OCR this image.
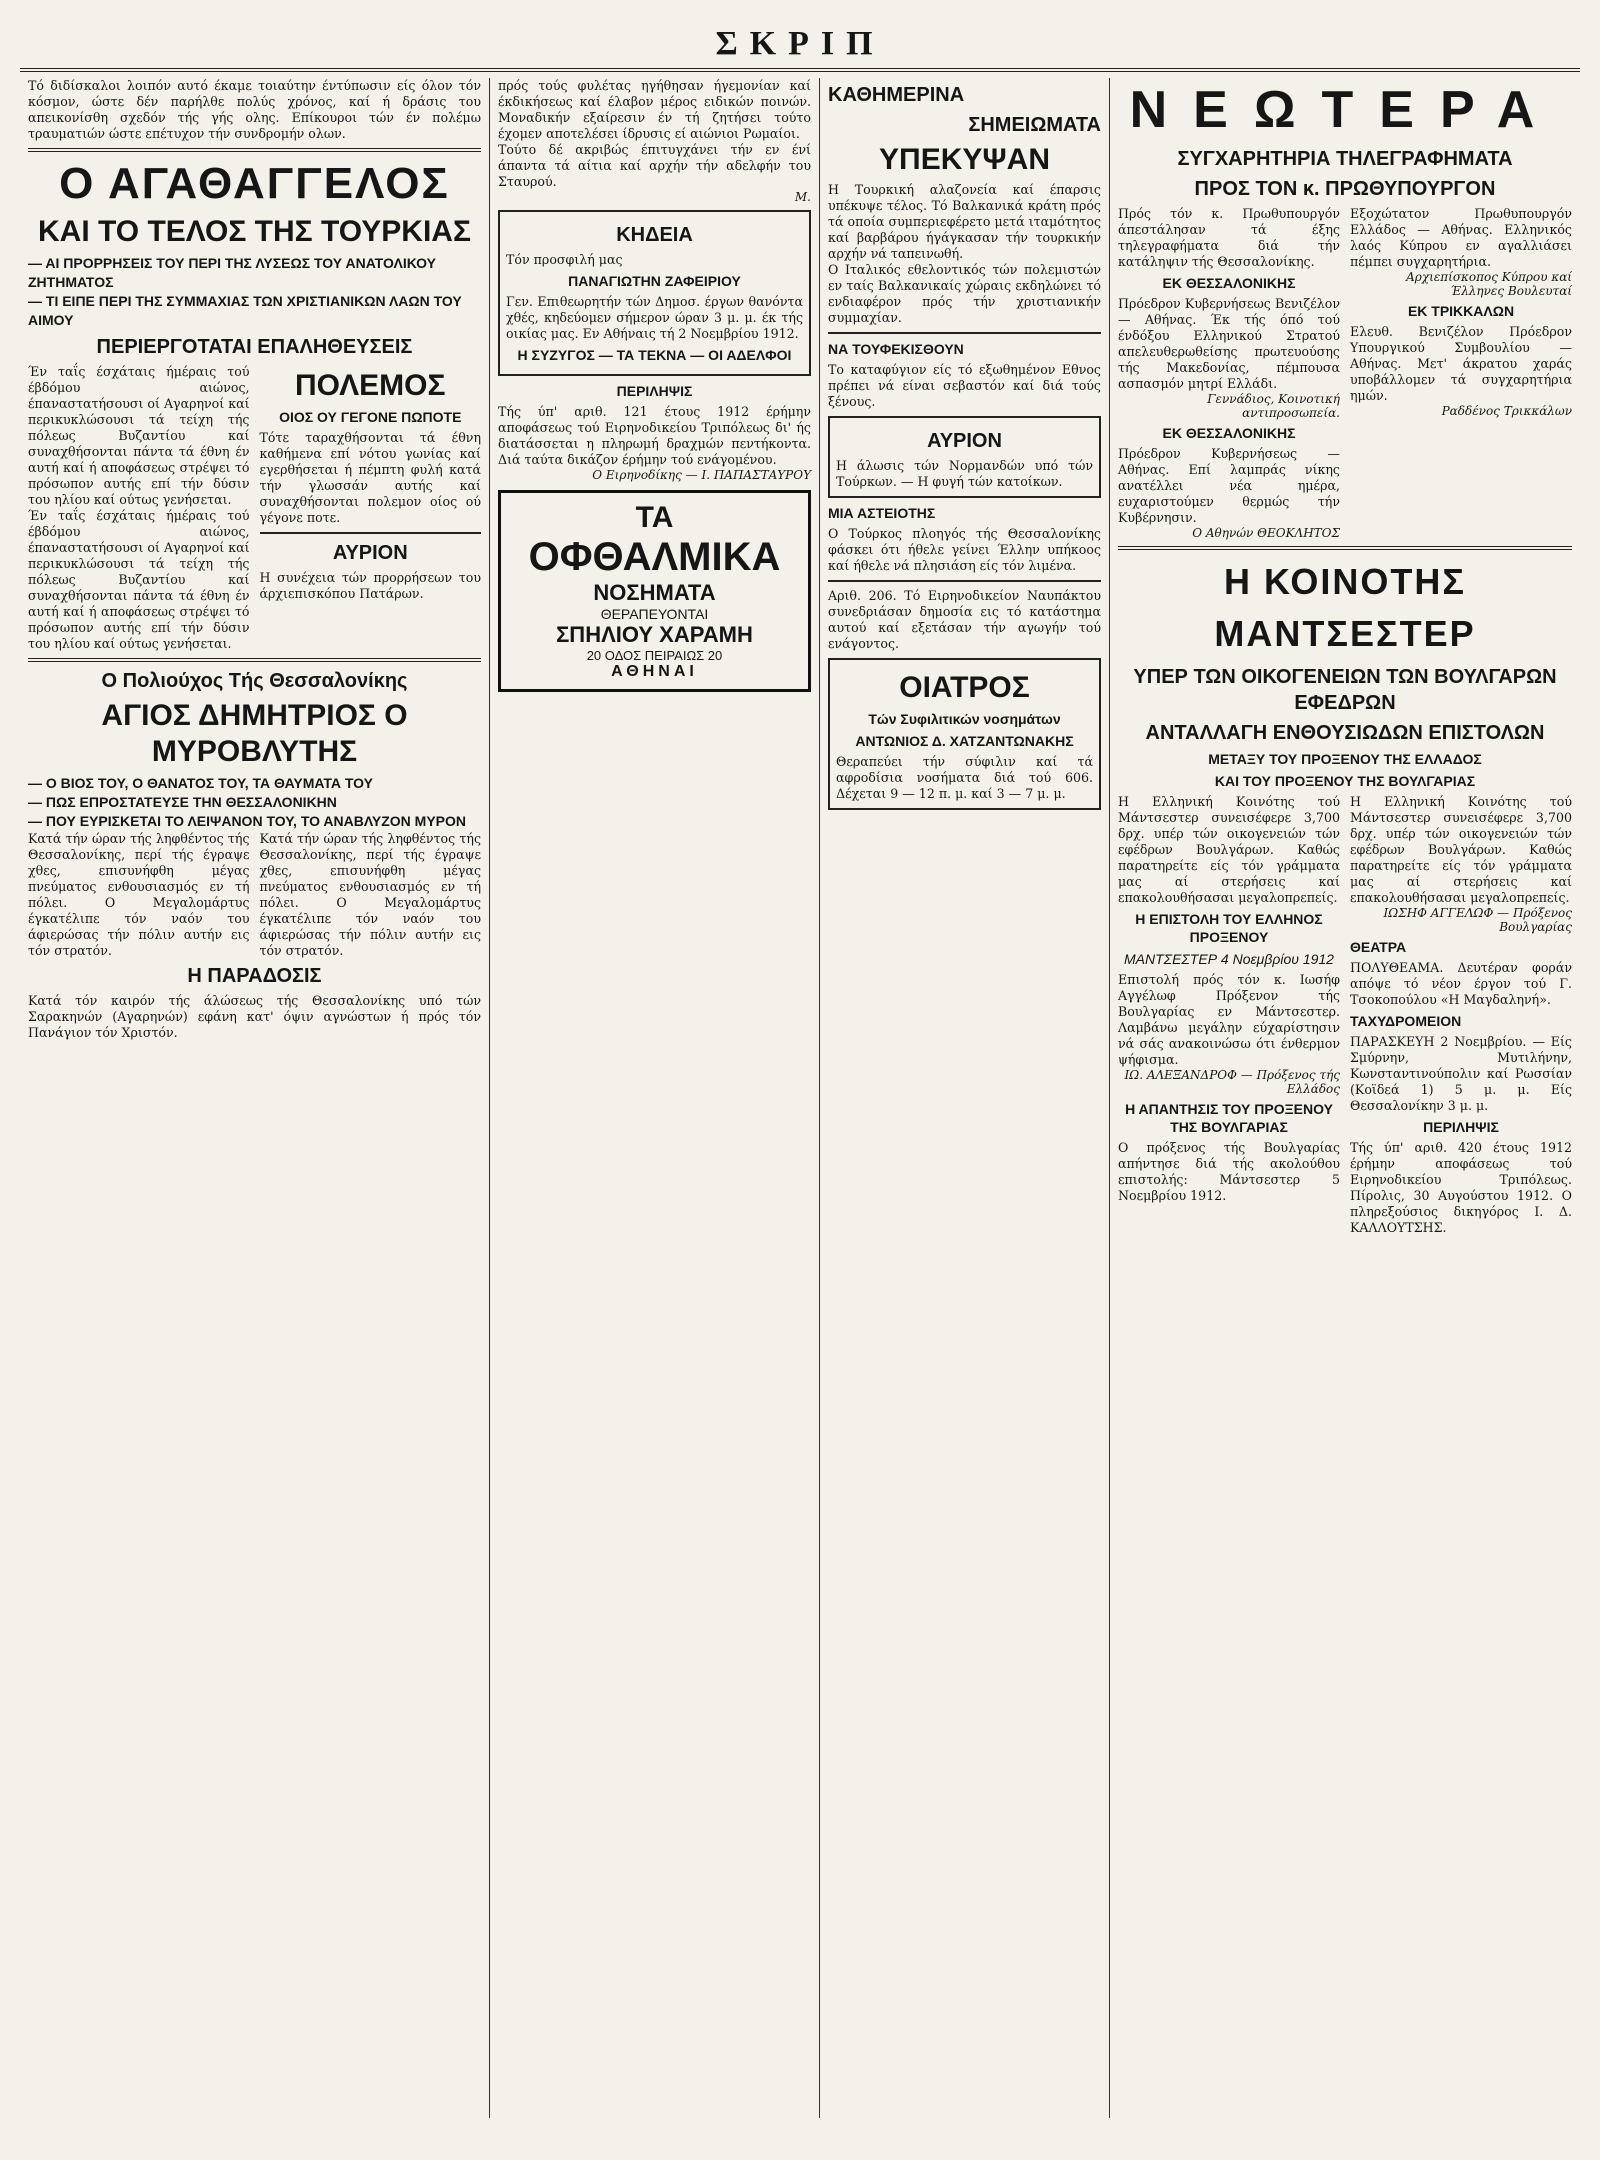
ΣΚΡΙΠ

Τό διδίσκαλοι λοιπόν αυτό έκαμε τοιαύτην έντύπωσιν είς όλον τόν κόσμον, ώστε δέν παρήλθε πολύς χρόνος, καί ή δράσις του απεικονίσθη σχεδόν τής γής ολης. Επίκουροι τών έν πολέμω τραυματιών ώστε επέτυχον τήν συνδρομήν ολων.

Ο ΑΓΑΘΑΓΓΕΛΟΣ
ΚΑΙ ΤΟ ΤΕΛΟΣ ΤΗΣ ΤΟΥΡΚΙΑΣ
— ΑΙ ΠΡΟΡΡΗΣΕΙΣ ΤΟΥ ΠΕΡΙ ΤΗΣ ΛΥΣΕΩΣ ΤΟΥ ΑΝΑΤΟΛΙΚΟΥ ΖΗΤΗΜΑΤΟΣ
— ΤΙ ΕΙΠΕ ΠΕΡΙ ΤΗΣ ΣΥΜΜΑΧΙΑΣ ΤΩΝ ΧΡΙΣΤΙΑΝΙΚΩΝ ΛΑΩΝ ΤΟΥ ΑΙΜΟΥ
ΠΕΡΙΕΡΓΟΤΑΤΑΙ ΕΠΑΛΗΘΕΥΣΕΙΣ

Έν ταΐς έσχάταις ήμέραις τού έβδόμου αιώνος, έπαναστατήσουσι οί Αγαρηνοί καί περικυκλώσουσι τά τείχη τής πόλεως Βυζαντίου καί συναχθήσονται πάντα τά έθνη έν αυτή καί ή αποφάσεως στρέψει τό πρόσωπον αυτής επί τήν δύσιν του ηλίου καί ούτως γενήσεται.

Έν ταΐς έσχάταις ήμέραις τού έβδόμου αιώνος, έπαναστατήσουσι οί Αγαρηνοί καί περικυκλώσουσι τά τείχη τής πόλεως Βυζαντίου καί συναχθήσονται πάντα τά έθνη έν αυτή καί ή αποφάσεως στρέψει τό πρόσωπον αυτής επί τήν δύσιν του ηλίου καί ούτως γενήσεται.

ΠΟΛΕΜΟΣ
ΟΙΟΣ ΟΥ ΓΕΓΟΝΕ ΠΩΠΟΤΕ

Τότε ταραχθήσονται τά έθνη καθήμενα επί νότου γωνίας καί εγερθήσεται ή πέμπτη φυλή κατά τήν γλωσσάν αυτής καί συναχθήσονται πολεμον οίος ού γέγονε ποτε.

ΑΥΡΙΟΝ

Η συνέχεια τών προρρήσεων του άρχιεπισκόπου Πατάρων.

Ο Πολιούχος Τής Θεσσαλονίκης
ΑΓΙΟΣ ΔΗΜΗΤΡΙΟΣ Ο ΜΥΡΟΒΛΥΤΗΣ
— Ο ΒΙΟΣ ΤΟΥ, Ο ΘΑΝΑΤΟΣ ΤΟΥ, ΤΑ ΘΑΥΜΑΤΑ ΤΟΥ
— ΠΩΣ ΕΠΡΟΣΤΑΤΕΥΣΕ ΤΗΝ ΘΕΣΣΑΛΟΝΙΚΗΝ
— ΠΟΥ ΕΥΡΙΣΚΕΤΑΙ ΤΟ ΛΕΙΨΑΝΟΝ ΤΟΥ, ΤΟ ΑΝΑΒΛΥΖΟΝ ΜΥΡΟΝ

Κατά τήν ώραν τής ληφθέντος τής Θεσσαλονίκης, περί τής έγραψε χθες, επισυνήφθη μέγας πνεύματος ενθουσιασμός εν τή πόλει. Ο Μεγαλομάρτυς έγκατέλιπε τόν ναόν του άφιερώσας τήν πόλιν αυτήν εις τόν στρατόν.

Κατά τήν ώραν τής ληφθέντος τής Θεσσαλονίκης, περί τής έγραψε χθες, επισυνήφθη μέγας πνεύματος ενθουσιασμός εν τή πόλει. Ο Μεγαλομάρτυς έγκατέλιπε τόν ναόν του άφιερώσας τήν πόλιν αυτήν εις τόν στρατόν.

Η ΠΑΡΑΔΟΣΙΣ

Κατά τόν καιρόν τής άλώσεως τής Θεσσαλονίκης υπό τών Σαρακηνών (Αγαρηνών) εφάνη κατ' όψιν αγνώστων ή πρός τόν Πανάγιον τόν Χριστόν.

πρός τούς φυλέτας ηγήθησαν ήγεμονίαν καί έκδικήσεως καί έλαβον μέρος ειδικών ποινών. Μοναδικήν εξαίρεσιν έν τή ζητήσει τούτο έχομεν αποτελέσει ίδρυσις εί αιώνιοι Ρωμαίοι.

Τούτο δέ ακριβώς έπιτυγχάνει τήν εν ένί άπαντα τά αίτια καί αρχήν τήν αδελφήν του Σταυρού.

Μ.
ΚΗΔΕΙΑ

Τόν προσφιλή μας

ΠΑΝΑΓΙΩΤΗΝ ΖΑΦΕΙΡΙΟΥ

Γεν. Επιθεωρητήν τών Δημοσ. έργων θανόντα χθές, κηδεύομεν σήμερον ώραν 3 μ. μ. έκ τής οικίας μας. Εν Αθήναις τή 2 Νοεμβρίου 1912.

Η ΣΥΖΥΓΟΣ — ΤΑ ΤΕΚΝΑ — ΟΙ ΑΔΕΛΦΟΙ
ΠΕΡΙΛΗΨΙΣ

Τής ύπ' αριθ. 121 έτους 1912 έρήμην αποφάσεως τού Ειρηνοδικείου Τριπόλεως δι' ής διατάσσεται η πληρωμή δραχμών πεντήκοντα. Διά ταύτα δικάζον έρήμην τού ενάγομένου.

Ο Ειρηνοδίκης — Ι. ΠΑΠΑΣΤΑΥΡΟΥ
ΤΑ
ΟΦΘΑΛΜΙΚΑ
ΝΟΣΗΜΑΤΑ
ΘΕΡΑΠΕΥΟΝΤΑΙ
ΣΠΗΛΙΟΥ ΧΑΡΑΜΗ
20 ΟΔΟΣ ΠΕΙΡΑΙΩΣ 20
ΑΘΗΝΑΙ
ΚΑΘΗΜΕΡΙΝΑ
ΣΗΜΕΙΩΜΑΤΑ
ΥΠΕΚΥΨΑΝ

Η Τουρκική αλαζονεία καί έπαρσις υπέκυψε τέλος. Τό Βαλκανικά κράτη πρός τά οποία συμπεριεφέρετο μετά ιταμότητος καί βαρβάρου ήγάγκασαν τήν τουρκικήν αρχήν νά ταπεινωθή.

Ο Ιταλικός εθελοντικός τών πολεμιστών εν ταίς Βαλκανικαίς χώραις εκδηλώνει τό ενδιαφέρον πρός τήν χριστιανικήν συμμαχίαν.

ΝΑ ΤΟΥΦΕΚΙΣΘΟΥΝ

Το καταφύγιον είς τό εξωθημένον Εθνος πρέπει νά είναι σεβαστόν καί διά τούς ξένους.

ΑΥΡΙΟΝ

Η άλωσις τών Νορμανδών υπό τών Τούρκων. — Η φυγή τών κατοίκων.

ΜΙΑ ΑΣΤΕΙΟΤΗΣ

Ο Τούρκος πλοηγός τής Θεσσαλονίκης φάσκει ότι ήθελε γείνει Έλλην υπήκοος καί ήθελε νά πλησιάση είς τόν λιμένα.

Αριθ. 206. Τό Ειρηνοδικείον Ναυπάκτου συνεδριάσαν δημοσία εις τό κατάστημα αυτού καί εξετάσαν τήν αγωγήν τού ενάγοντος.

ΟΙΑΤΡΟΣ
Τών Συφιλιτικών νοσημάτων
ΑΝΤΩΝΙΟΣ Δ. ΧΑΤΖΑΝΤΩΝΑΚΗΣ

Θεραπεύει τήν σύφιλιν καί τά αφροδίσια νοσήματα διά τού 606. Δέχεται 9 — 12 π. μ. καί 3 — 7 μ. μ.

ΝΕΩΤΕΡΑ
ΣΥΓΧΑΡΗΤΗΡΙΑ ΤΗΛΕΓΡΑΦΗΜΑΤΑ
ΠΡΟΣ ΤΟΝ κ. ΠΡΩΘΥΠΟΥΡΓΟΝ

Πρός τόν κ. Πρωθυπουργόν άπεστάλησαν τά έξης τηλεγραφήματα διά τήν κατάληψιν τής Θεσσαλονίκης.

ΕΚ ΘΕΣΣΑΛΟΝΙΚΗΣ

Πρόεδρον Κυβερνήσεως Βενιζέλον — Αθήνας. Έκ τής όπό τού ένδόξου Ελληνικού Στρατού απελευθερωθείσης πρωτευούσης τής Μακεδονίας, πέμπουσα ασπασμόν μητρί Ελλάδι.

Γεννάδιος, Κοινοτική αντιπροσωπεία.
ΕΚ ΘΕΣΣΑΛΟΝΙΚΗΣ

Πρόεδρον Κυβερνήσεως — Αθήνας. Επί λαμπράς νίκης ανατέλλει νέα ημέρα, ευχαριστούμεν θερμώς τήν Κυβέρνησιν.

Ο Αθηνών ΘΕΟΚΛΗΤΟΣ

Εξοχώτατον Πρωθυπουργόν Ελλάδος — Αθήνας. Ελληνικός λαός Κύπρου εν αγαλλιάσει πέμπει συγχαρητήρια.

Αρχιεπίσκοπος Κύπρου καί Έλληνες Βουλευταί
ΕΚ ΤΡΙΚΚΑΛΩΝ

Ελευθ. Βενιζέλον Πρόεδρον Υπουργικού Συμβουλίου — Αθήνας. Μετ' άκρατου χαράς υποβάλλομεν τά συγχαρητήρια ημών.

Ραδδένος Τρικκάλων
Η ΚΟΙΝΟΤΗΣ ΜΑΝΤΣΕΣΤΕΡ
ΥΠΕΡ ΤΩΝ ΟΙΚΟΓΕΝΕΙΩΝ ΤΩΝ ΒΟΥΛΓΑΡΩΝ ΕΦΕΔΡΩΝ
ΑΝΤΑΛΛΑΓΗ ΕΝΘΟΥΣΙΩΔΩΝ ΕΠΙΣΤΟΛΩΝ
ΜΕΤΑΞΥ ΤΟΥ ΠΡΟΞΕΝΟΥ ΤΗΣ ΕΛΛΑΔΟΣ
ΚΑΙ ΤΟΥ ΠΡΟΞΕΝΟΥ ΤΗΣ ΒΟΥΛΓΑΡΙΑΣ

Η Ελληνική Κοινότης τού Μάντσεστερ συνεισέφερε 3,700 δρχ. υπέρ τών οικογενειών τών εφέδρων Βουλγάρων. Καθώς παρατηρείτε είς τόν γράμματα μας αί στερήσεις καί επακολουθήσασαι μεγαλοπρεπείς.

Η ΕΠΙΣΤΟΛΗ ΤΟΥ ΕΛΛΗΝΟΣ ΠΡΟΞΕΝΟΥ
ΜΑΝΤΣΕΣΤΕΡ 4 Νοεμβρίου 1912

Επιστολή πρός τόν κ. Ιωσήφ Αγγέλωφ Πρόξενον τής Βουλγαρίας εν Μάντσεστερ. Λαμβάνω μεγάλην εύχαρίστησιν νά σάς ανακοινώσω ότι ένθερμον ψήφισμα.

ΙΩ. ΑΛΕΞΑΝΔΡΟΦ — Πρόξενος τής Ελλάδος
Η ΑΠΑΝΤΗΣΙΣ ΤΟΥ ΠΡΟΞΕΝΟΥ ΤΗΣ ΒΟΥΛΓΑΡΙΑΣ

Ο πρόξενος τής Βουλγαρίας απήντησε διά τής ακολούθου επιστολής: Μάντσεστερ 5 Νοεμβρίου 1912.

Η Ελληνική Κοινότης τού Μάντσεστερ συνεισέφερε 3,700 δρχ. υπέρ τών οικογενειών τών εφέδρων Βουλγάρων. Καθώς παρατηρείτε είς τόν γράμματα μας αί στερήσεις καί επακολουθήσασαι μεγαλοπρεπείς.

ΙΩΣΗΦ ΑΓΓΕΛΩΦ — Πρόξενος Βουλγαρίας
ΘΕΑΤΡΑ

ΠΟΛΥΘΕΑΜΑ. Δευτέραν φοράν απόψε τό νέον έργον τού Γ. Τσοκοπούλου «Η Μαγδαληνή».

ΤΑΧΥΔΡΟΜΕΙΟΝ

ΠΑΡΑΣΚΕΥΗ 2 Νοεμβρίου. — Είς Σμύρνην, Μυτιλήνην, Κωνσταντινούπολιν καί Ρωσσίαν (Κοϊδεά 1) 5 μ. μ. Είς Θεσσαλονίκην 3 μ. μ.

ΠΕΡΙΛΗΨΙΣ

Τής ύπ' αριθ. 420 έτους 1912 έρήμην αποφάσεως τού Ειρηνοδικείου Τριπόλεως. Πίρολις, 30 Αυγούστου 1912. Ο πληρεξούσιος δικηγόρος Ι. Δ. ΚΑΛΛΟΥΤΣΗΣ.
